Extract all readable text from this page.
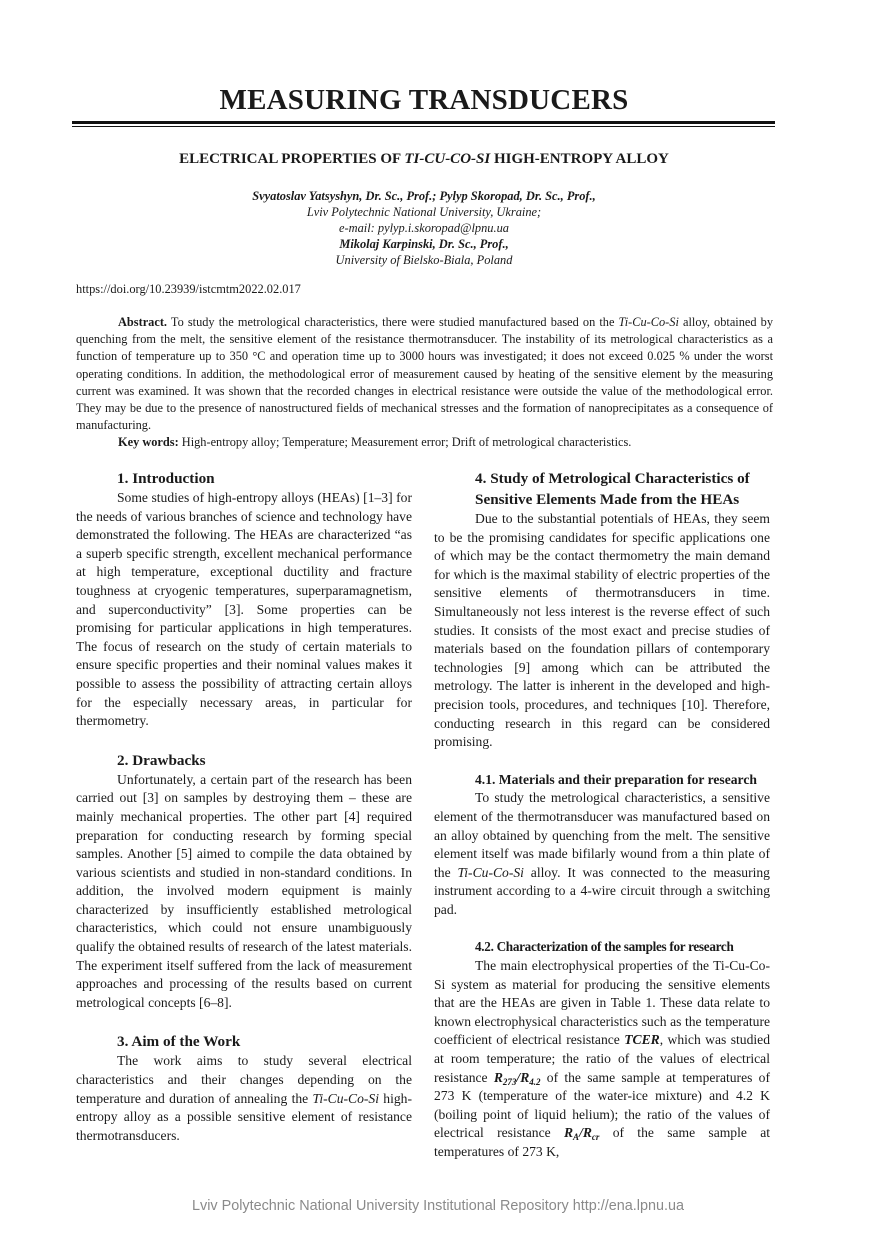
MEASURING TRANSDUCERS
ELECTRICAL PROPERTIES OF TI-CU-CO-SI HIGH-ENTROPY ALLOY
Svyatoslav Yatsyshyn, Dr. Sc., Prof.; Pylyp Skoropad, Dr. Sc., Prof.,
Lviv Polytechnic National University, Ukraine;
e-mail: pylyp.i.skoropad@lpnu.ua
Mikolaj Karpinski, Dr. Sc., Prof.,
University of Bielsko-Biala, Poland
https://doi.org/10.23939/istcmtm2022.02.017

Abstract. To study the metrological characteristics, there were studied manufactured based on the Ti-Cu-Co-Si alloy, obtained by quenching from the melt, the sensitive element of the resistance thermotransducer. The instability of its metrological characteristics as a function of temperature up to 350 °C and operation time up to 3000 hours was investigated; it does not exceed 0.025 % under the worst operating conditions. In addition, the methodological error of measurement caused by heating of the sensitive element by the measuring current was examined. It was shown that the recorded changes in electrical resistance were outside the value of the methodological error. They may be due to the presence of nanostructured fields of mechanical stresses and the formation of nanoprecipitates as a consequence of manufacturing.

Key words: High-entropy alloy; Temperature; Measurement error; Drift of metrological characteristics.

1. Introduction

Some studies of high-entropy alloys (HEAs) [1–3] for the needs of various branches of science and technology have demonstrated the following. The HEAs are characterized “as a superb specific strength, excellent mechanical performance at high temperature, exceptional ductility and fracture toughness at cryogenic temperatures, superparamagnetism, and superconductivity” [3]. Some properties can be promising for particular applications in high temperatures. The focus of research on the study of certain materials to ensure specific properties and their nominal values makes it possible to assess the possibility of attracting certain alloys for the especially necessary areas, in particular for thermometry.

2. Drawbacks

Unfortunately, a certain part of the research has been carried out [3] on samples by destroying them – these are mainly mechanical properties. The other part [4] required preparation for conducting research by forming special samples. Another [5] aimed to compile the data obtained by various scientists and studied in non-standard conditions. In addition, the involved modern equipment is mainly characterized by insufficiently established metrological characteristics, which could not ensure unambiguously qualify the obtained results of research of the latest materials. The experiment itself suffered from the lack of measurement approaches and processing of the results based on current metrological concepts [6–8].

3. Aim of the Work

The work aims to study several electrical characteristics and their changes depending on the temperature and duration of annealing the Ti-Cu-Co-Si high-entropy alloy as a possible sensitive element of resistance thermotransducers.

4. Study of Metrological Characteristics of Sensitive Elements Made from the HEAs

Due to the substantial potentials of HEAs, they seem to be the promising candidates for specific applications one of which may be the contact thermometry the main demand for which is the maximal stability of electric properties of the sensitive elements of thermotransducers in time. Simultaneously not less interest is the reverse effect of such studies. It consists of the most exact and precise studies of materials based on the foundation pillars of contemporary technologies [9] among which can be attributed the metrology. The latter is inherent in the developed and high-precision tools, procedures, and techniques [10]. Therefore, conducting research in this regard can be considered promising.

4.1. Materials and their preparation for research

To study the metrological characteristics, a sensitive element of the thermotransducer was manufactured based on an alloy obtained by quenching from the melt. The sensitive element itself was made bifilarly wound from a thin plate of the Ti-Cu-Co-Si alloy. It was connected to the measuring instrument according to a 4-wire circuit through a switching pad.

4.2. Characterization of the samples for research

The main electrophysical properties of the Ti-Cu-Co-Si system as material for producing the sensitive elements that are the HEAs are given in Table 1. These data relate to known electrophysical characteristics such as the temperature coefficient of electrical resistance TCER, which was studied at room temperature; the ratio of the values of electrical resistance $R_{273}/R_{4.2}$ of the same sample at temperatures of 273 K (temperature of the water-ice mixture) and 4.2 K (boiling point of liquid helium); the ratio of the values of electrical resistance $R_A/R_{cr}$ of the same sample at temperatures of 273 K,

Lviv Polytechnic National University Institutional Repository http://ena.lpnu.ua
